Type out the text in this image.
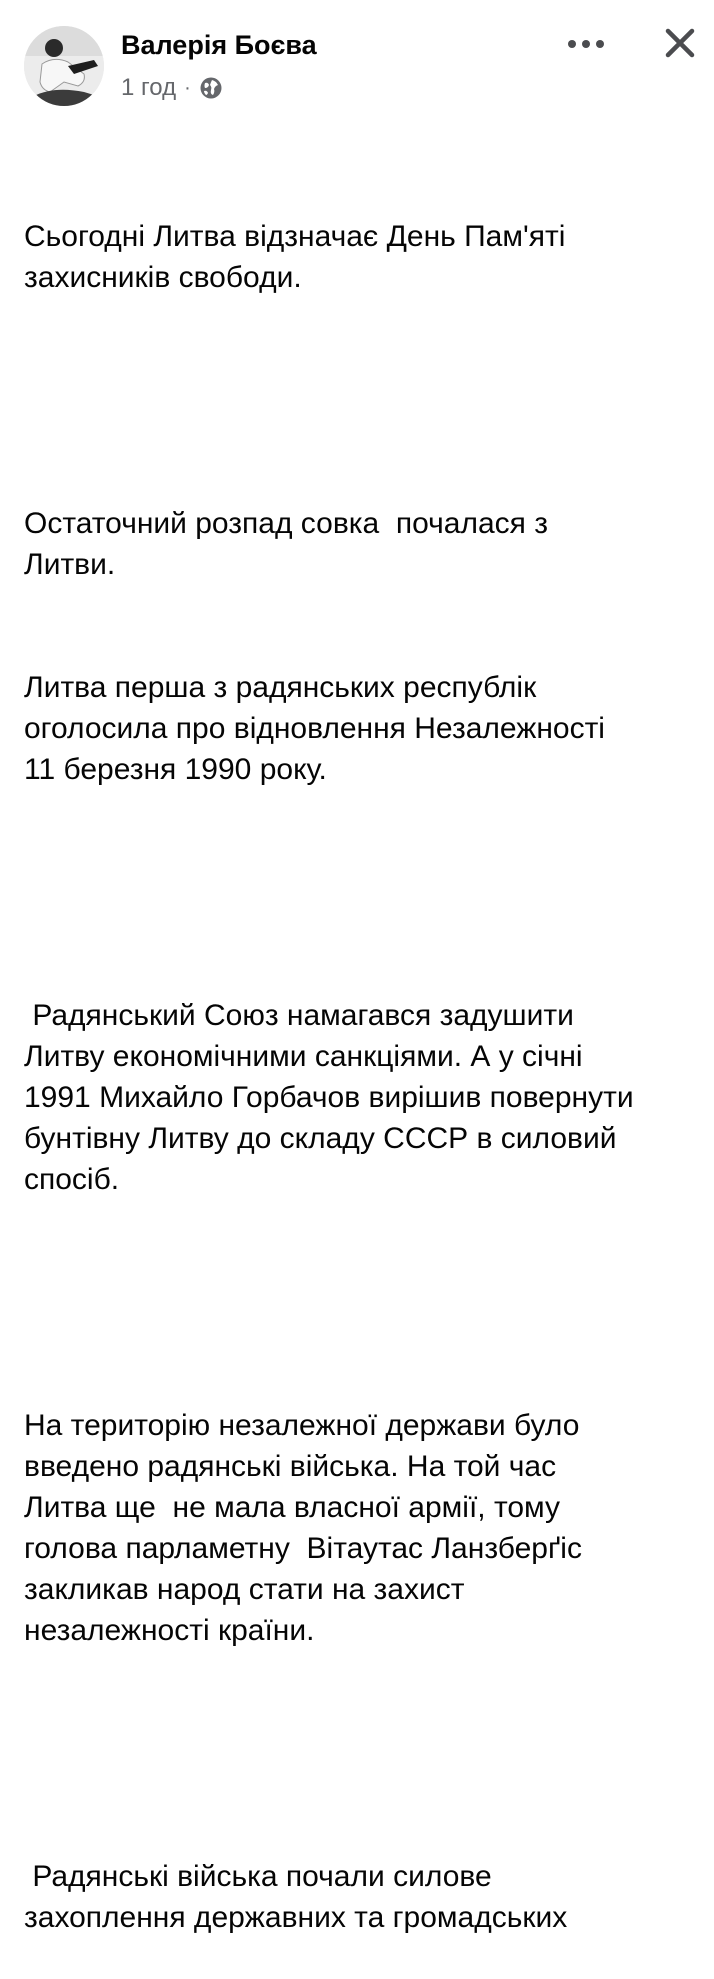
Валерія Боєва
1 год ·

Сьогодні Литва відзначає День Пам'яті
захисників свободи.

Остаточний розпад совка  почалася з
Литви.

Литва перша з радянських республік
оголосила про відновлення Незалежності
11 березня 1990 року.

Радянський Союз намагався задушити
Литву економічними санкціями. А у січні
1991 Михайло Горбачов вирішив повернути
бунтівну Литву до складу СССР в силовий
спосіб.

На територію незалежної держави було
введено радянські війська. На той час
Литва ще  не мала власної армії, тому
голова парламетну  Вітаутас Ланзберґіс
закликав народ стати на захист
незалежності країни.

Радянські війська почали силове
захоплення державних та громадських
